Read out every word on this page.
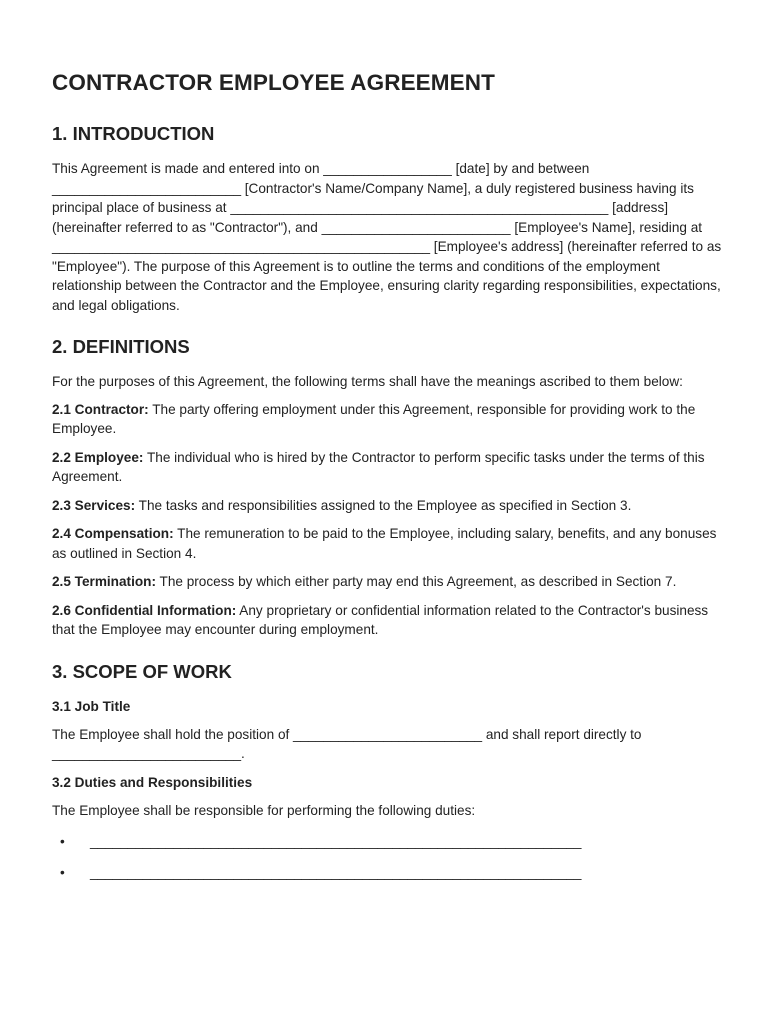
CONTRACTOR EMPLOYEE AGREEMENT
1. INTRODUCTION

This Agreement is made and entered into on _________________ [date] by and between _________________________ [Contractor's Name/Company Name], a duly registered business having its principal place of business at __________________________________________________ [address] (hereinafter referred to as "Contractor"), and _________________________ [Employee's Name], residing at __________________________________________________ [Employee's address] (hereinafter referred to as "Employee"). The purpose of this Agreement is to outline the terms and conditions of the employment relationship between the Contractor and the Employee, ensuring clarity regarding responsibilities, expectations, and legal obligations.

2. DEFINITIONS

For the purposes of this Agreement, the following terms shall have the meanings ascribed to them below:

2.1 Contractor: The party offering employment under this Agreement, responsible for providing work to the Employee.

2.2 Employee: The individual who is hired by the Contractor to perform specific tasks under the terms of this Agreement.

2.3 Services: The tasks and responsibilities assigned to the Employee as specified in Section 3.

2.4 Compensation: The remuneration to be paid to the Employee, including salary, benefits, and any bonuses as outlined in Section 4.

2.5 Termination: The process by which either party may end this Agreement, as described in Section 7.

2.6 Confidential Information: Any proprietary or confidential information related to the Contractor's business that the Employee may encounter during employment.

3. SCOPE OF WORK
3.1 Job Title

The Employee shall hold the position of _________________________ and shall report directly to _________________________.

3.2 Duties and Responsibilities

The Employee shall be responsible for performing the following duties:

• _________________________________________________________________
• _________________________________________________________________
